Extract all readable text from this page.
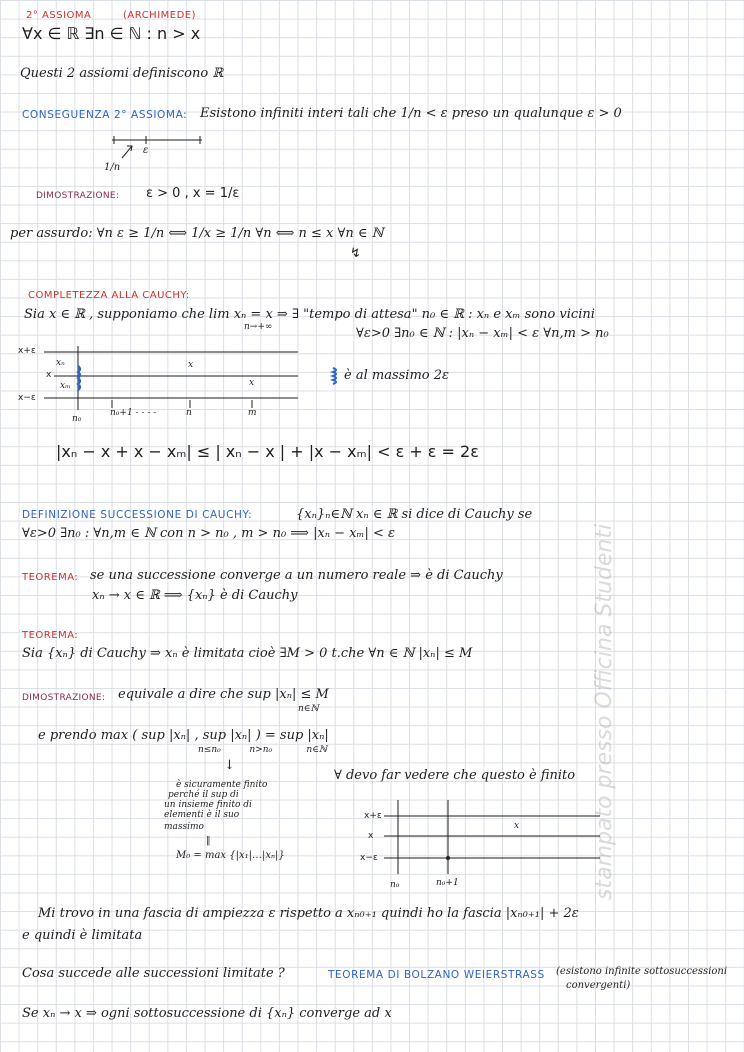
stampato presso Officina Studenti
2° ASSIOMA	(ARCHIMEDE)
∀x ∈ ℝ ∃n ∈ ℕ : n > x
Questi 2 assiomi definiscono ℝ
CONSEGUENZA 2° ASSIOMA: Esistono infiniti interi tali che 1/n < ε preso un qualunque ε > 0
ε
1/n
DIMOSTRAZIONE: ε > 0 , x = 1/ε
per assurdo: ∀n ε ≥ 1/n ⟺ 1/x ≥ 1/n ∀n ⟺ n ≤ x ∀n ∈ ℕ
↯
COMPLETEZZA ALLA CAUCHY:
Sia x ∈ ℝ , supponiamo che lim xₙ = x ⇒ ∃ "tempo di attesa" n₀ ∈ ℝ : xₙ e xₘ sono vicini
n→+∞	∀ε>0 ∃n₀ ∈ ℕ : |xₙ − xₘ| < ε ∀n,m > n₀
x+ε
x
x−ε
xₙ
xₘ
x
x
n₀
n₀+1 - - - -	n	m
è al massimo 2ε
|xₙ − x + x − xₘ| ≤ | xₙ − x | + |x − xₘ| < ε + ε = 2ε
DEFINIZIONE SUCCESSIONE DI CAUCHY:	{xₙ}ₙ∈ℕ xₙ ∈ ℝ si dice di Cauchy se
∀ε>0 ∃n₀ : ∀n,m ∈ ℕ con n > n₀ , m > n₀ ⟹ |xₙ − xₘ| < ε
TEOREMA: se una successione converge a un numero reale ⇒ è di Cauchy
xₙ → x ∈ ℝ ⟹ {xₙ} è di Cauchy
TEOREMA:
Sia {xₙ} di Cauchy ⇒ xₙ è limitata cioè ∃M > 0 t.che ∀n ∈ ℕ |xₙ| ≤ M
DIMOSTRAZIONE: equivale a dire che sup |xₙ| ≤ M
n∈ℕ
e prendo max ( sup |xₙ| , sup |xₙ| ) = sup |xₙ|
n≤n₀          n>n₀            n∈ℕ
↓
è sicuramente finito
perché il sup di
un insieme finito di
elementi è il suo
massimo
‖
M₀ = max {|x₁|…|xₙ|}
∀ devo far vedere che questo è finito
x+ε
x
x−ε
x
n₀	n₀+1
Mi trovo in una fascia di ampiezza ε rispetto a xₙ₀₊₁ quindi ho la fascia |xₙ₀₊₁| + 2ε
e quindi è limitata
Cosa succede alle successioni limitate ?	TEOREMA DI BOLZANO WEIERSTRASS (esistono infinite sottosuccessioni
convergenti)
Se xₙ → x ⇒ ogni sottosuccessione di {xₙ} converge ad x
